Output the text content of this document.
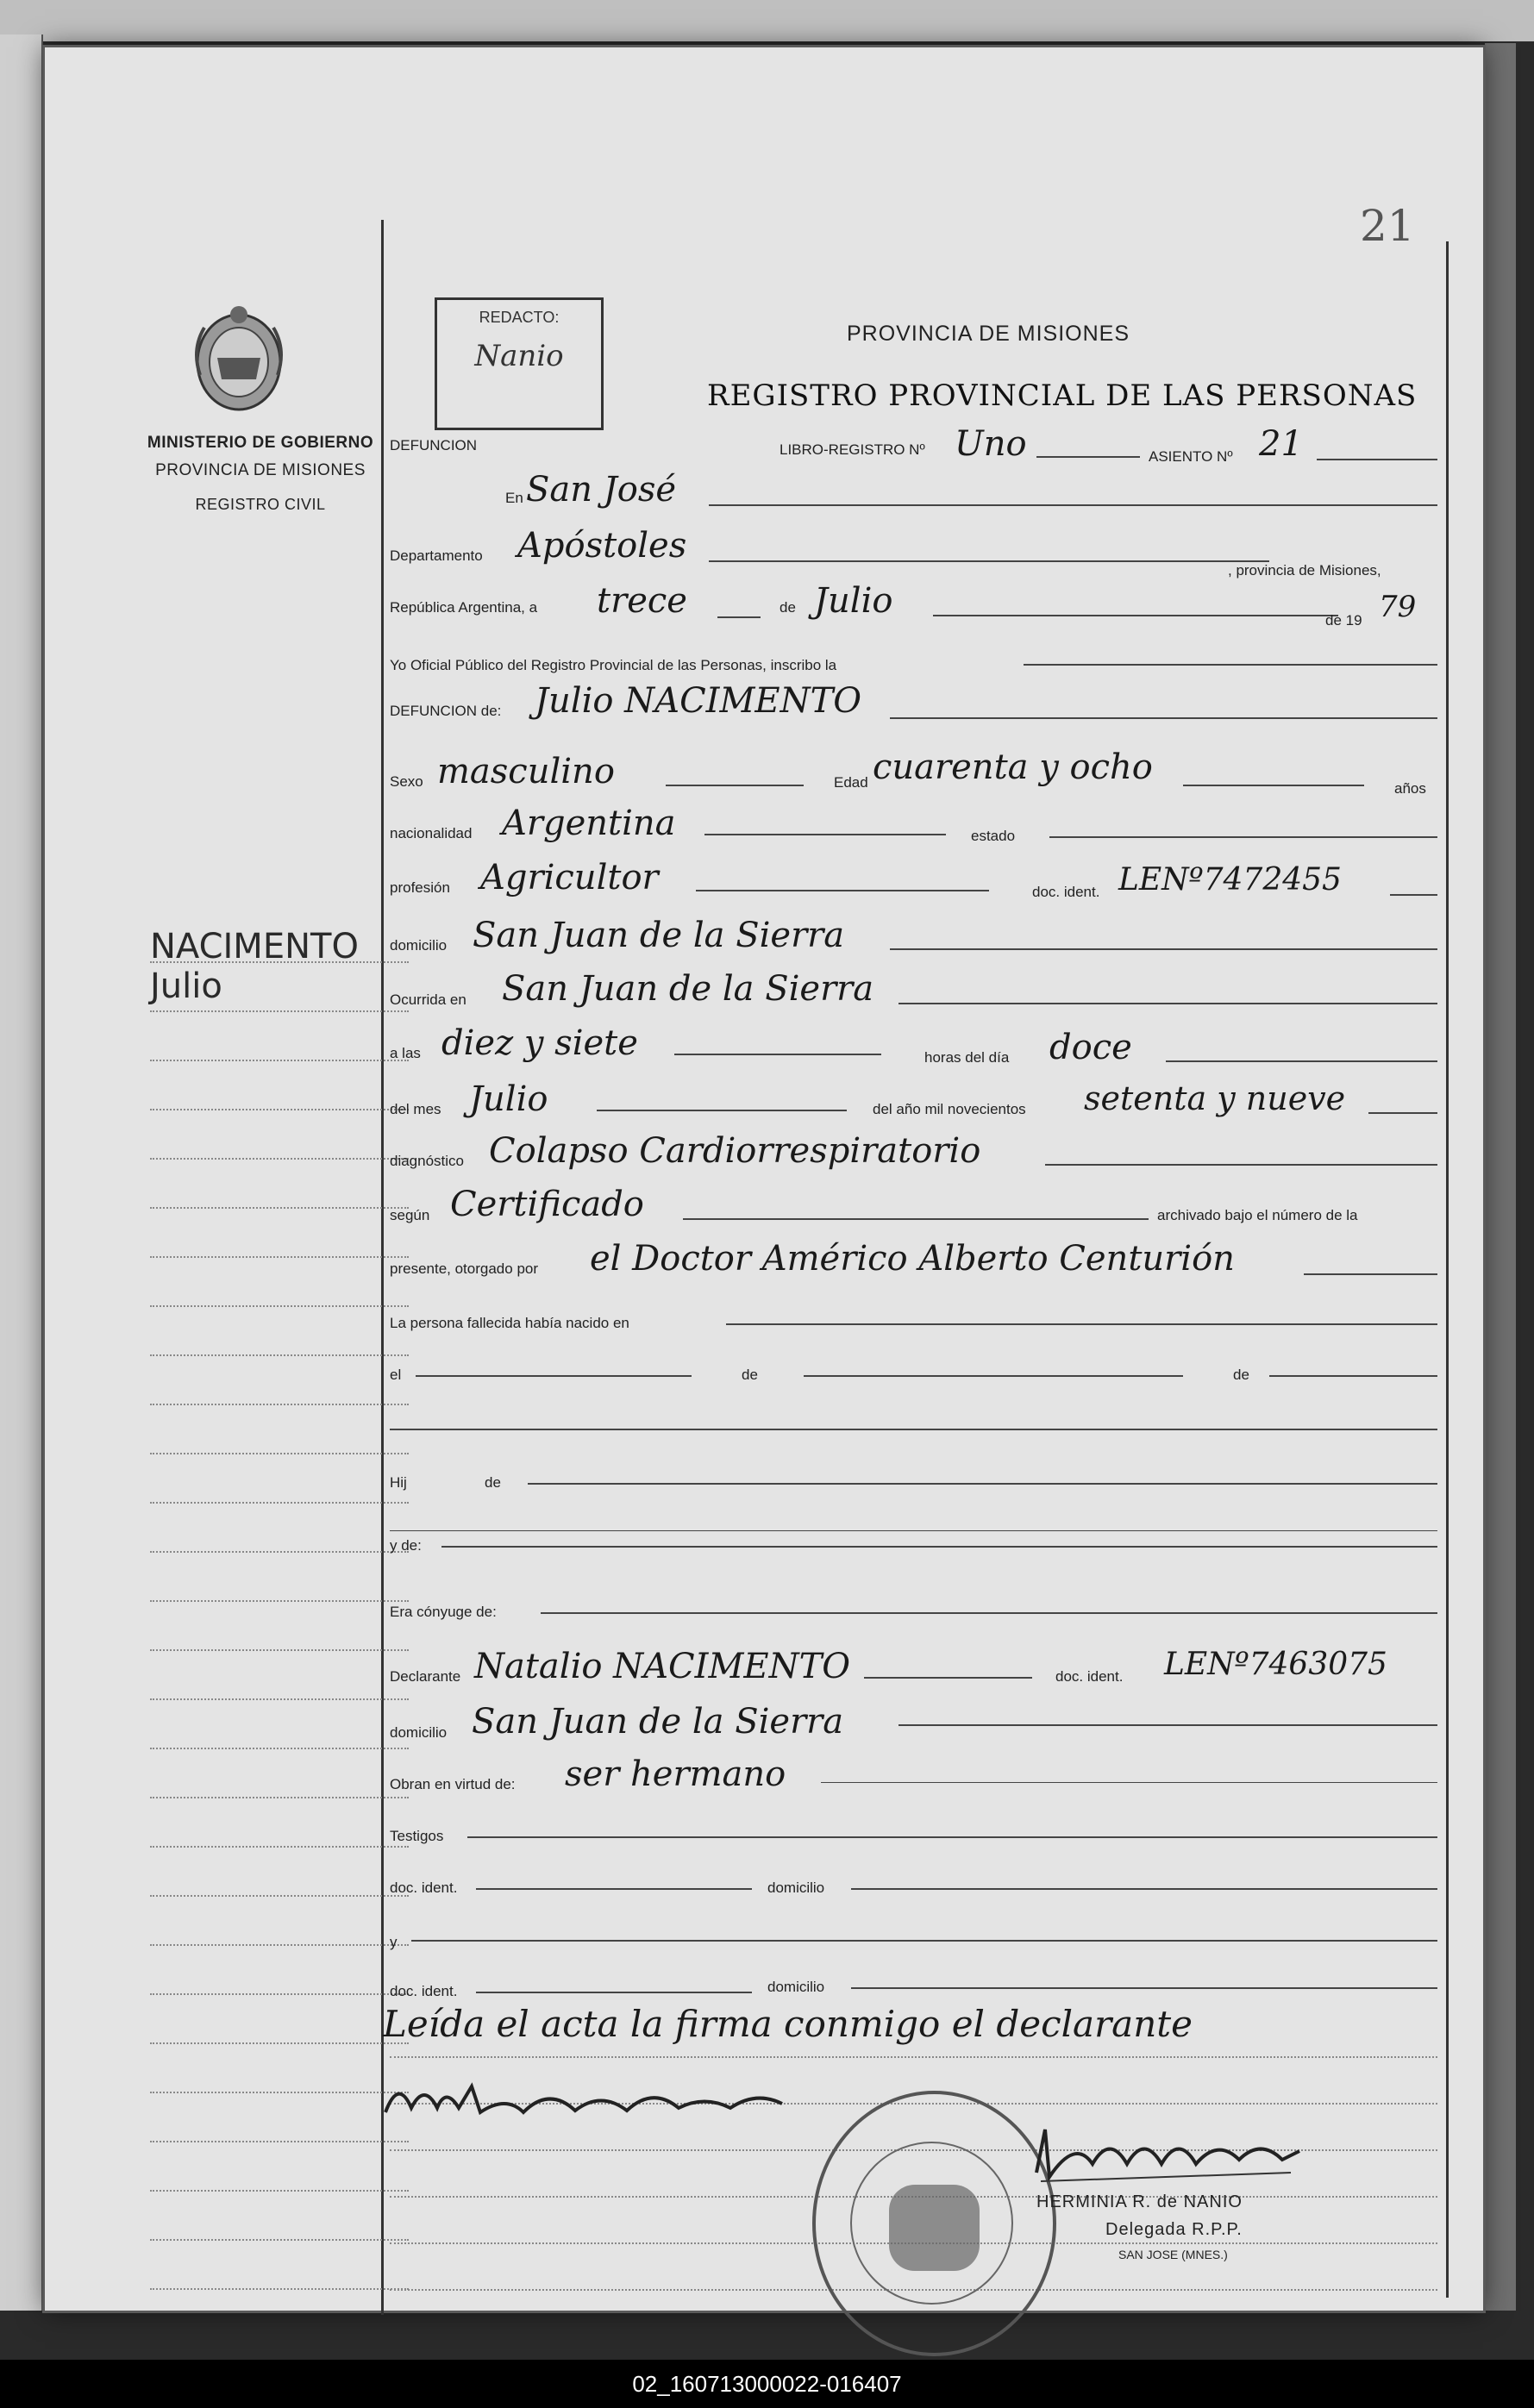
21
MINISTERIO DE GOBIERNO
PROVINCIA DE MISIONES
REGISTRO CIVIL
REDACTO:
Nanio
PROVINCIA DE MISIONES
REGISTRO PROVINCIAL DE LAS PERSONAS
NACIMENTO
Julio
DEFUNCION	LIBRO-REGISTRO Nº Uno	ASIENTO Nº 21
En San José
Departamento Apóstoles
, provincia de Misiones,
República Argentina, a trece	de Julio	de 19 79
Yo Oficial Público del Registro Provincial de las Personas, inscribo la
DEFUNCION de: Julio NACIMENTO
Sexo masculino	Edad cuarenta y ocho
años
nacionalidad Argentina	estado
profesión Agricultor	doc. ident. LENº7472455
domicilio San Juan de la Sierra
Ocurrida en San Juan de la Sierra
a las diez y siete	horas del día doce
del mes Julio	del año mil novecientos setenta y nueve
diagnóstico Colapso Cardiorrespiratorio
según Certificado	archivado bajo el número de la
presente, otorgado por el Doctor Américo Alberto Centurión
La persona fallecida había nacido en
el	de	de
Hij	de
y de:
Era cónyuge de:
Declarante Natalio NACIMENTO	doc. ident. LENº7463075
domicilio San Juan de la Sierra
Obran en virtud de: ser hermano
Testigos
doc. ident.	domicilio
y
doc. ident.	domicilio
Leída el acta la firma conmigo el declarante
HERMINIA R. de NANIO
Delegada R.P.P.
SAN JOSE (MNES.)
02_160713000022-016407
